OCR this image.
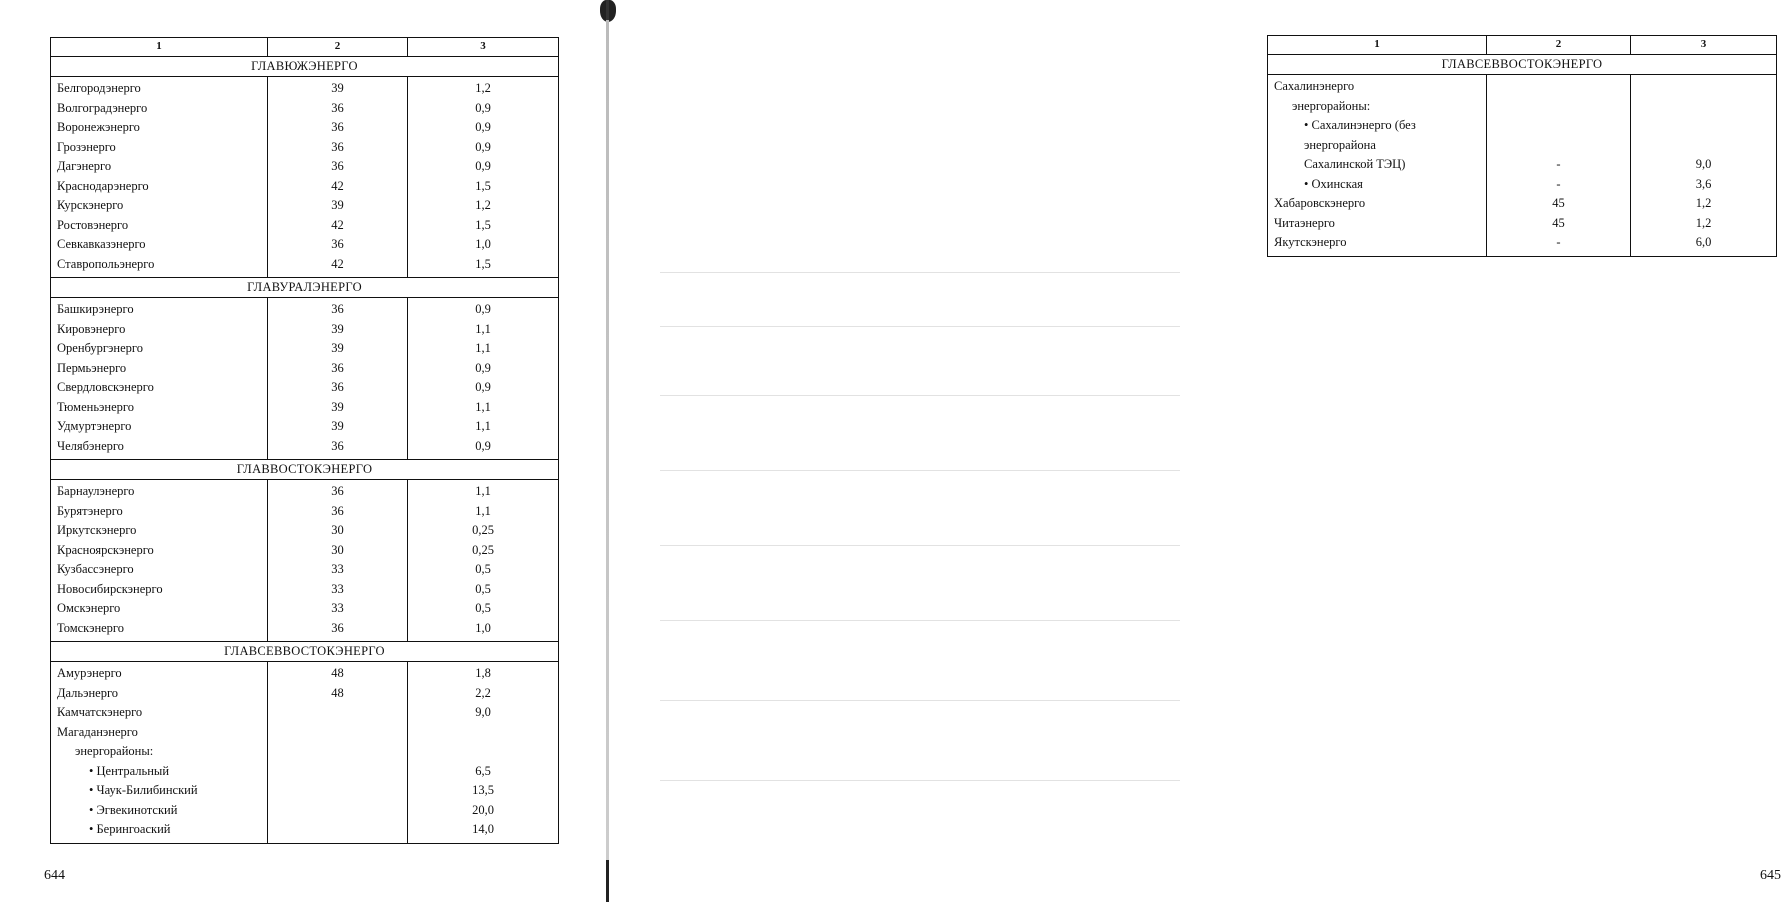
1	2	3
ГЛАВЮЖЭНЕРГО		
Белгородэнерго	39	1,2
Волгоградэнерго	36	0,9
Воронежэнерго	36	0,9
Грозэнерго	36	0,9
Дагэнерго	36	0,9
Краснодарэнерго	42	1,5
Курскэнерго	39	1,2
Ростовэнерго	42	1,5
Севкавказэнерго	36	1,0
Ставропольэнерго	42	1,5
ГЛАВУРАЛЭНЕРГО		
Башкирэнерго	36	0,9
Кировэнерго	39	1,1
Оренбургэнерго	39	1,1
Пермьэнерго	36	0,9
Свердловскэнерго	36	0,9
Тюменьэнерго	39	1,1
Удмуртэнерго	39	1,1
Челябэнерго	36	0,9
ГЛАВВОСТОКЭНЕРГО		
Барнаулэнерго	36	1,1
Бурятэнерго	36	1,1
Иркутскэнерго	30	0,25
Красноярскэнерго	30	0,25
Кузбассэнерго	33	0,5
Новосибирскэнерго	33	0,5
Омскэнерго	33	0,5
Томскэнерго	36	1,0
ГЛАВСЕВВОСТОКЭНЕРГО		
Амурэнерго	48	1,8
Дальэнерго	48	2,2
Камчатскэнерго		9,0
Магаданэнерго		
энергорайоны:		
• Центральный		6,5
• Чаук-Билибинский		13,5
• Эгвекинотский		20,0
• Берингоаский		14,0
644
1	2	3
ГЛАВСЕВВОСТОКЭНЕРГО		
Сахалинэнерго		
энергорайоны:		
• Сахалинэнерго (без		
энергорайона		
Сахалинской ТЭЦ)	-	9,0
• Охинская	-	3,6
Хабаровскэнерго	45	1,2
Читаэнерго	45	1,2
Якутскэнерго	-	6,0
645
